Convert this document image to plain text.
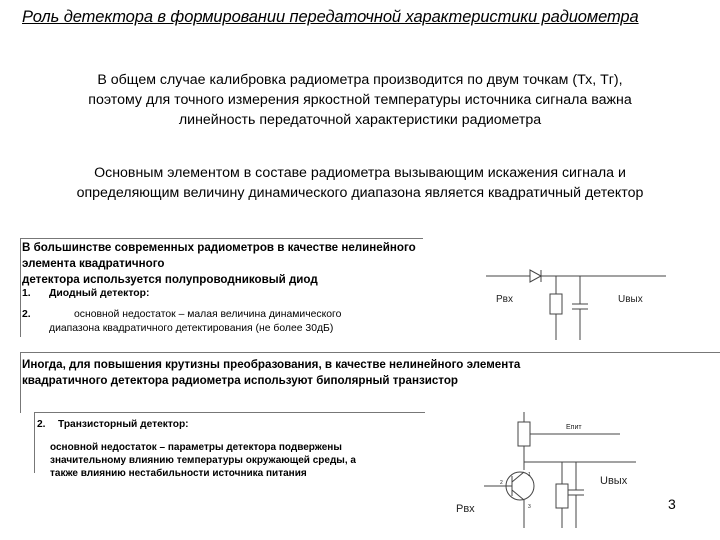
Роль детектора в формировании передаточной характеристики радиометра
В общем случае калибровка радиометра производится по двум точкам (Тх, Тг),
поэтому для точного измерения яркостной температуры источника сигнала важна
линейность передаточной характеристики радиометра
Основным элементом в составе радиометра вызывающим искажения сигнала и
определяющим величину динамического диапазона является квадратичный детектор
В большинстве современных радиометров в качестве нелинейного элемента квадратичного
детектора используется полупроводниковый диод
1. Диодный детектор:
2.	основной недостаток – малая величина динамического
диапазона квадратичного детектирования (не более 30дБ)
Pвх	Uвых
Иногда, для повышения крутизны преобразования, в качестве нелинейного элемента
квадратичного детектора радиометра используют биполярный транзистор
2. Транзисторный детектор:
основной недостаток – параметры детектора подвержены
значительному влиянию температуры окружающей среды, а
также влиянию нестабильности источника питания
Eпит
Pвх
Uвых
1
2
3	3
